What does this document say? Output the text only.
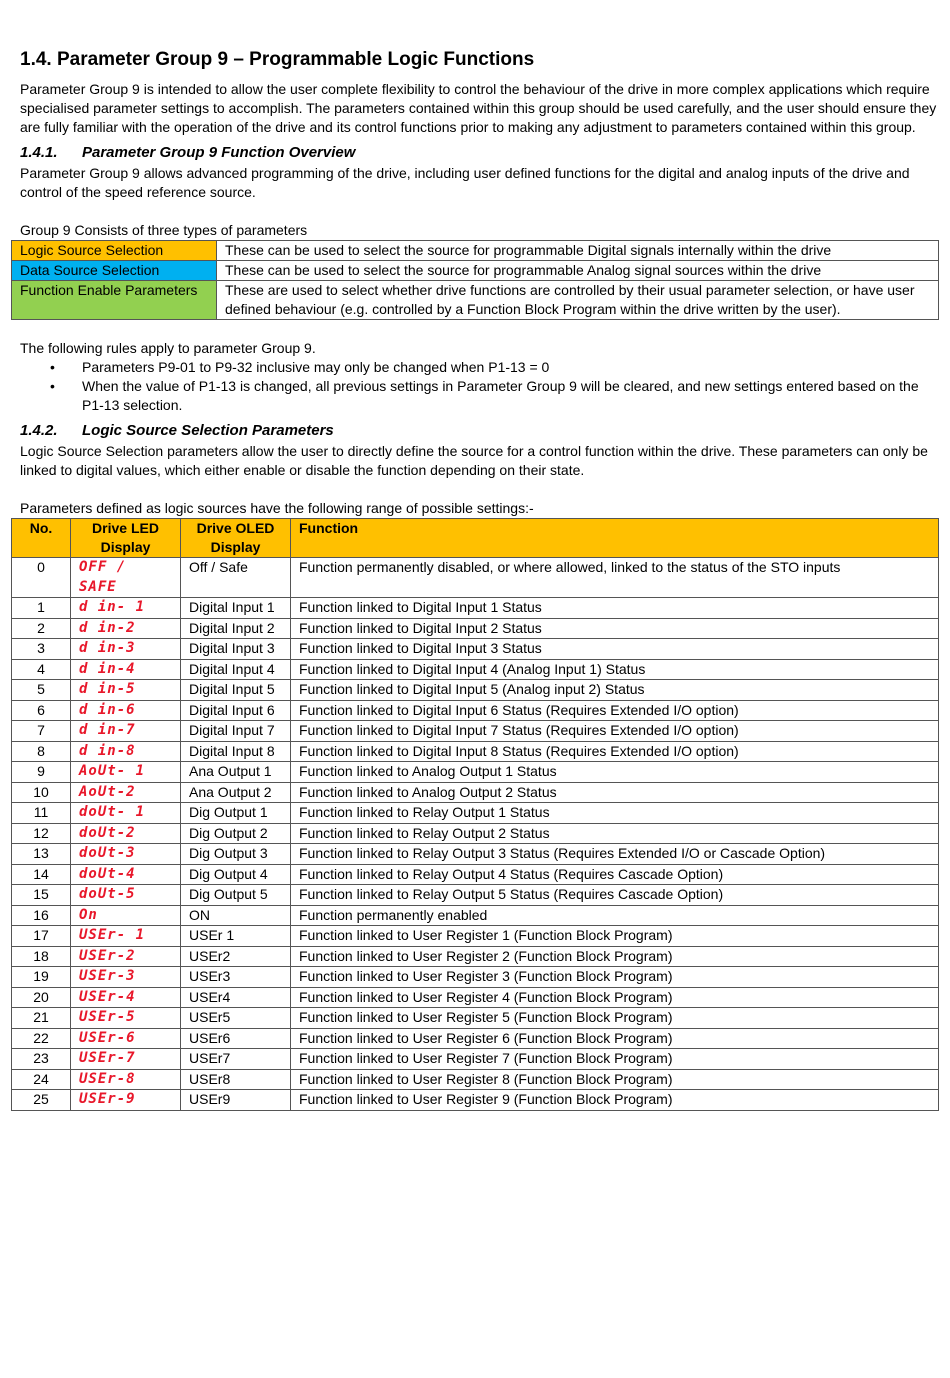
1.4. Parameter Group 9 – Programmable Logic Functions

Parameter Group 9 is intended to allow the user complete flexibility to control the behaviour of the drive in more complex applications which require specialised parameter settings to accomplish. The parameters contained within this group should be used carefully, and the user should ensure they are fully familiar with the operation of the drive and its control functions prior to making any adjustment to parameters contained within this group.

1.4.1.	Parameter Group 9 Function Overview

Parameter Group 9 allows advanced programming of the drive, including user defined functions for the digital and analog inputs of the drive and control of the speed reference source.

Group 9 Consists of three types of parameters

Logic Source Selection	These can be used to select the source for programmable Digital signals internally within the drive
Data Source Selection	These can be used to select the source for programmable Analog signal sources within the drive
Function Enable Parameters	These are used to select whether drive functions are controlled by their usual parameter selection, or have user defined behaviour (e.g. controlled by a Function Block Program within the drive written by the user).

The following rules apply to parameter Group 9.

• Parameters P9-01 to P9-32 inclusive may only be changed when P1-13 = 0
• When the value of P1-13 is changed, all previous settings in Parameter Group 9 will be cleared, and new settings entered based on the P1-13 selection.
1.4.2.	Logic Source Selection Parameters

Logic Source Selection parameters allow the user to directly define the source for a control function within the drive. These parameters can only be linked to digital values, which either enable or disable the function depending on their state.

Parameters defined as logic sources have the following range of possible settings:-

No.	Drive LED Display	Drive OLED Display	Function
0	OFF / SAFE	Off / Safe	Function permanently disabled, or where allowed, linked to the status of the STO inputs
1	d in- 1	Digital Input 1	Function linked to Digital Input 1 Status
2	d in-2	Digital Input 2	Function linked to Digital Input 2 Status
3	d in-3	Digital Input 3	Function linked to Digital Input 3 Status
4	d in-4	Digital Input 4	Function linked to Digital Input 4 (Analog Input 1) Status
5	d in-5	Digital Input 5	Function linked to Digital Input 5 (Analog input 2) Status
6	d in-6	Digital Input 6	Function linked to Digital Input 6 Status (Requires Extended I/O option)
7	d in-7	Digital Input 7	Function linked to Digital Input 7 Status (Requires Extended I/O option)
8	d in-8	Digital Input 8	Function linked to Digital Input 8 Status (Requires Extended I/O option)
9	AoUt- 1	Ana Output 1	Function linked to Analog Output 1 Status
10	AoUt-2	Ana Output 2	Function linked to Analog Output 2 Status
11	doUt- 1	Dig Output 1	Function linked to Relay Output 1 Status
12	doUt-2	Dig Output 2	Function linked to Relay Output 2 Status
13	doUt-3	Dig Output 3	Function linked to Relay Output 3 Status (Requires Extended I/O or Cascade Option)
14	doUt-4	Dig Output 4	Function linked to Relay Output 4 Status (Requires Cascade Option)
15	doUt-5	Dig Output 5	Function linked to Relay Output 5 Status (Requires Cascade Option)
16	On	ON	Function permanently enabled
17	USEr- 1	USEr 1	Function linked to User Register 1 (Function Block Program)
18	USEr-2	USEr2	Function linked to User Register 2 (Function Block Program)
19	USEr-3	USEr3	Function linked to User Register 3 (Function Block Program)
20	USEr-4	USEr4	Function linked to User Register 4 (Function Block Program)
21	USEr-5	USEr5	Function linked to User Register 5 (Function Block Program)
22	USEr-6	USEr6	Function linked to User Register 6 (Function Block Program)
23	USEr-7	USEr7	Function linked to User Register 7 (Function Block Program)
24	USEr-8	USEr8	Function linked to User Register 8 (Function Block Program)
25	USEr-9	USEr9	Function linked to User Register 9 (Function Block Program)
